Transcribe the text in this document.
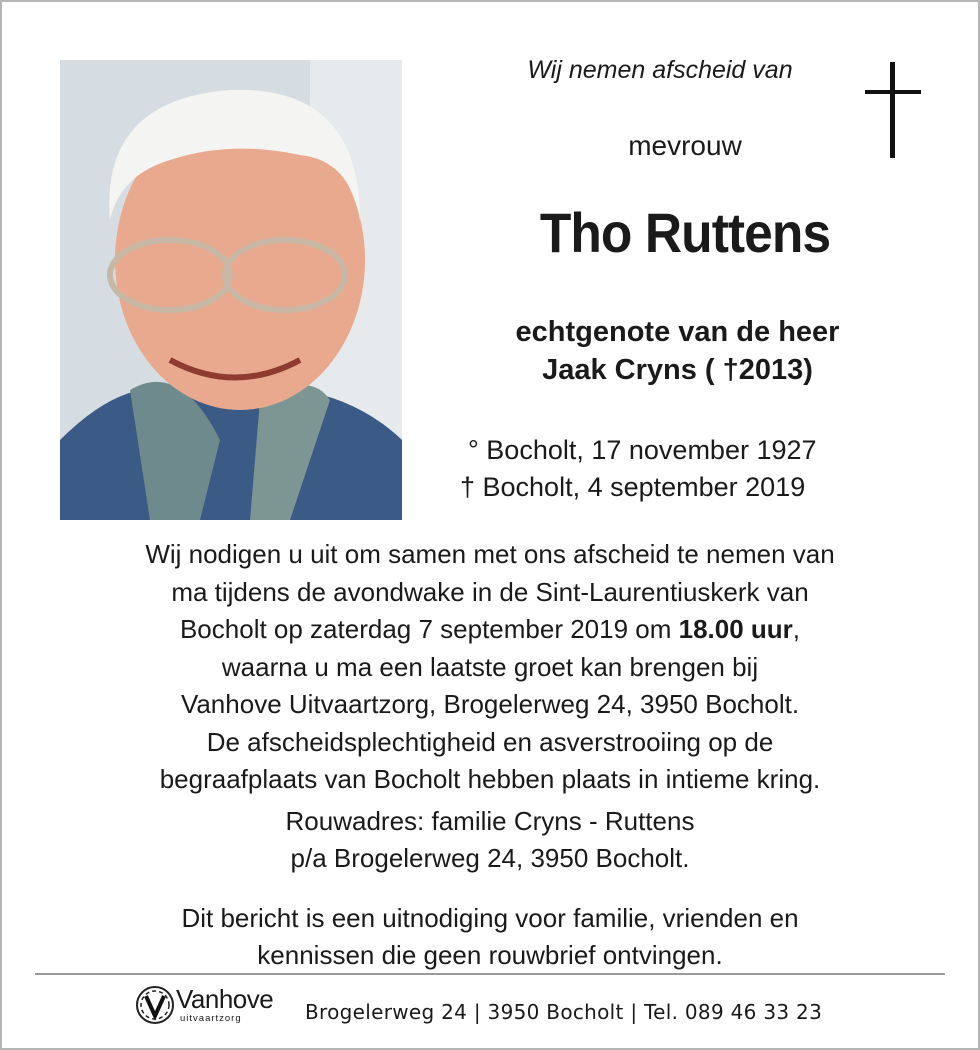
Wij nemen afscheid van
mevrouw
Tho Ruttens
echtgenote van de heer
Jaak Cryns ( †2013)
° Bocholt, 17 november 1927
† Bocholt, 4 september 2019
Wij nodigen u uit om samen met ons afscheid te nemen van
ma tijdens de avondwake in de Sint-Laurentiuskerk van
Bocholt op zaterdag 7 september 2019 om 18.00 uur,
waarna u ma een laatste groet kan brengen bij
Vanhove Uitvaartzorg, Brogelerweg 24, 3950 Bocholt.
De afscheidsplechtigheid en asverstrooiing op de
begraafplaats van Bocholt hebben plaats in intieme kring.
Rouwadres: familie Cryns - Ruttens
p/a Brogelerweg 24, 3950 Bocholt.
Dit bericht is een uitnodiging voor familie, vrienden en
kennissen die geen rouwbrief ontvingen.
Vanhove
uitvaartzorg	Brogelerweg 24 | 3950 Bocholt | Tel. 089 46 33 23
